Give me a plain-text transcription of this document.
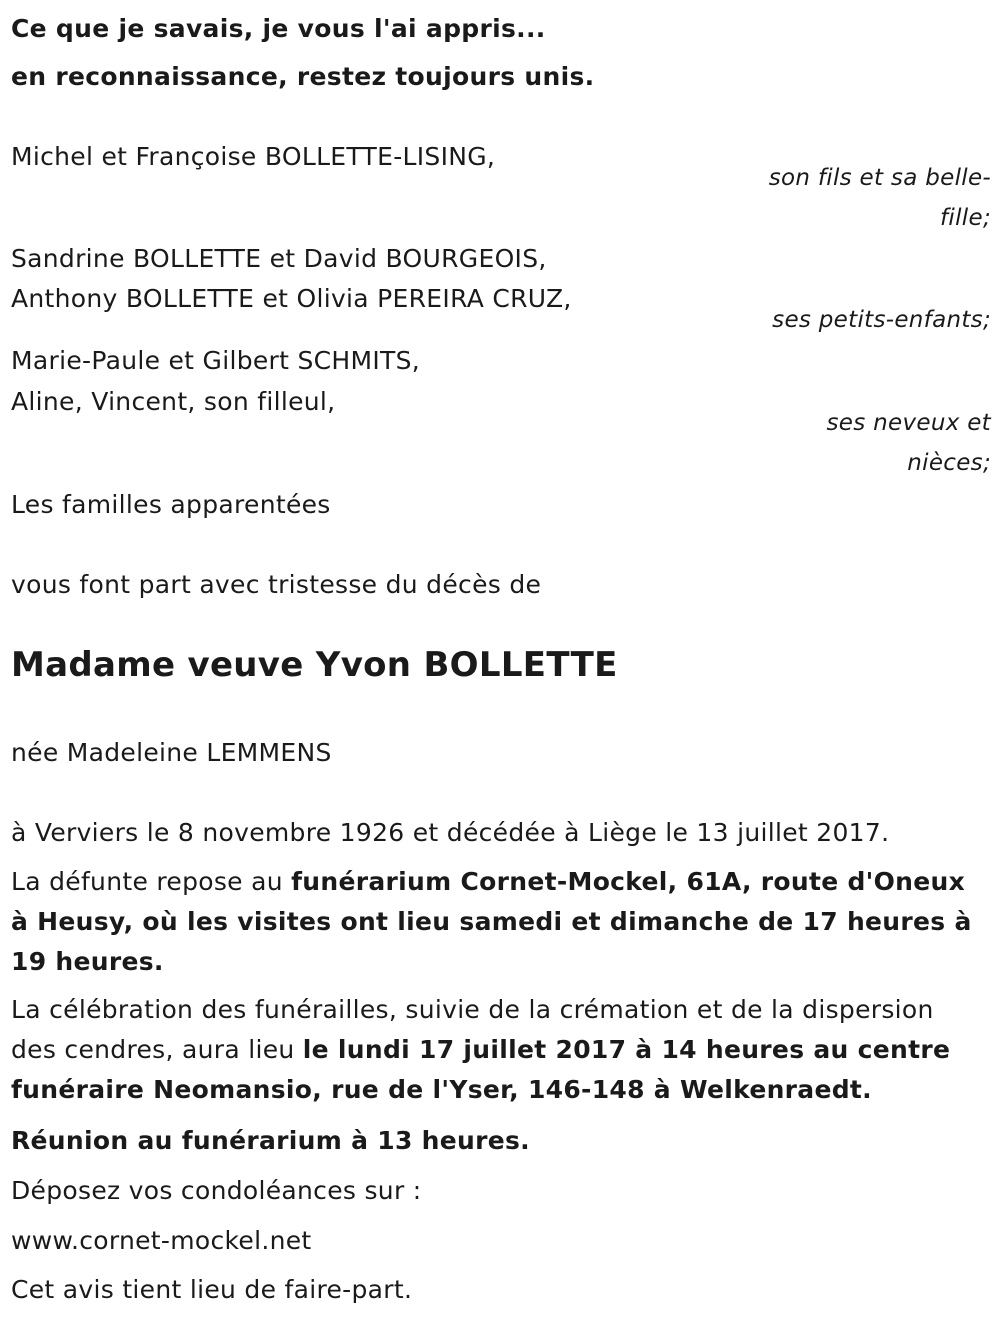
Ce que je savais, je vous l'ai appris...
en reconnaissance, restez toujours unis.
Michel et Françoise BOLLETTE-LISING,
son fils et sa belle-fille;
Sandrine BOLLETTE et David BOURGEOIS,
Anthony BOLLETTE et Olivia PEREIRA CRUZ,
ses petits-enfants;
Marie-Paule et Gilbert SCHMITS,
Aline, Vincent, son filleul,
ses neveux et nièces;
Les familles apparentées
vous font part avec tristesse du décès de
Madame veuve Yvon BOLLETTE
née Madeleine LEMMENS
à Verviers le 8 novembre 1926 et décédée à Liège le 13 juillet 2017.
La défunte repose au funérarium Cornet-Mockel, 61A, route d'Oneux à Heusy, où les visites ont lieu samedi et dimanche de 17 heures à 19 heures.
La célébration des funérailles, suivie de la crémation et de la dispersion des cendres, aura lieu le lundi 17 juillet 2017 à 14 heures au centre funéraire Neomansio, rue de l'Yser, 146-148 à Welkenraedt.
Réunion au funérarium à 13 heures.
Déposez vos condoléances sur :
www.cornet-mockel.net
Cet avis tient lieu de faire-part.
